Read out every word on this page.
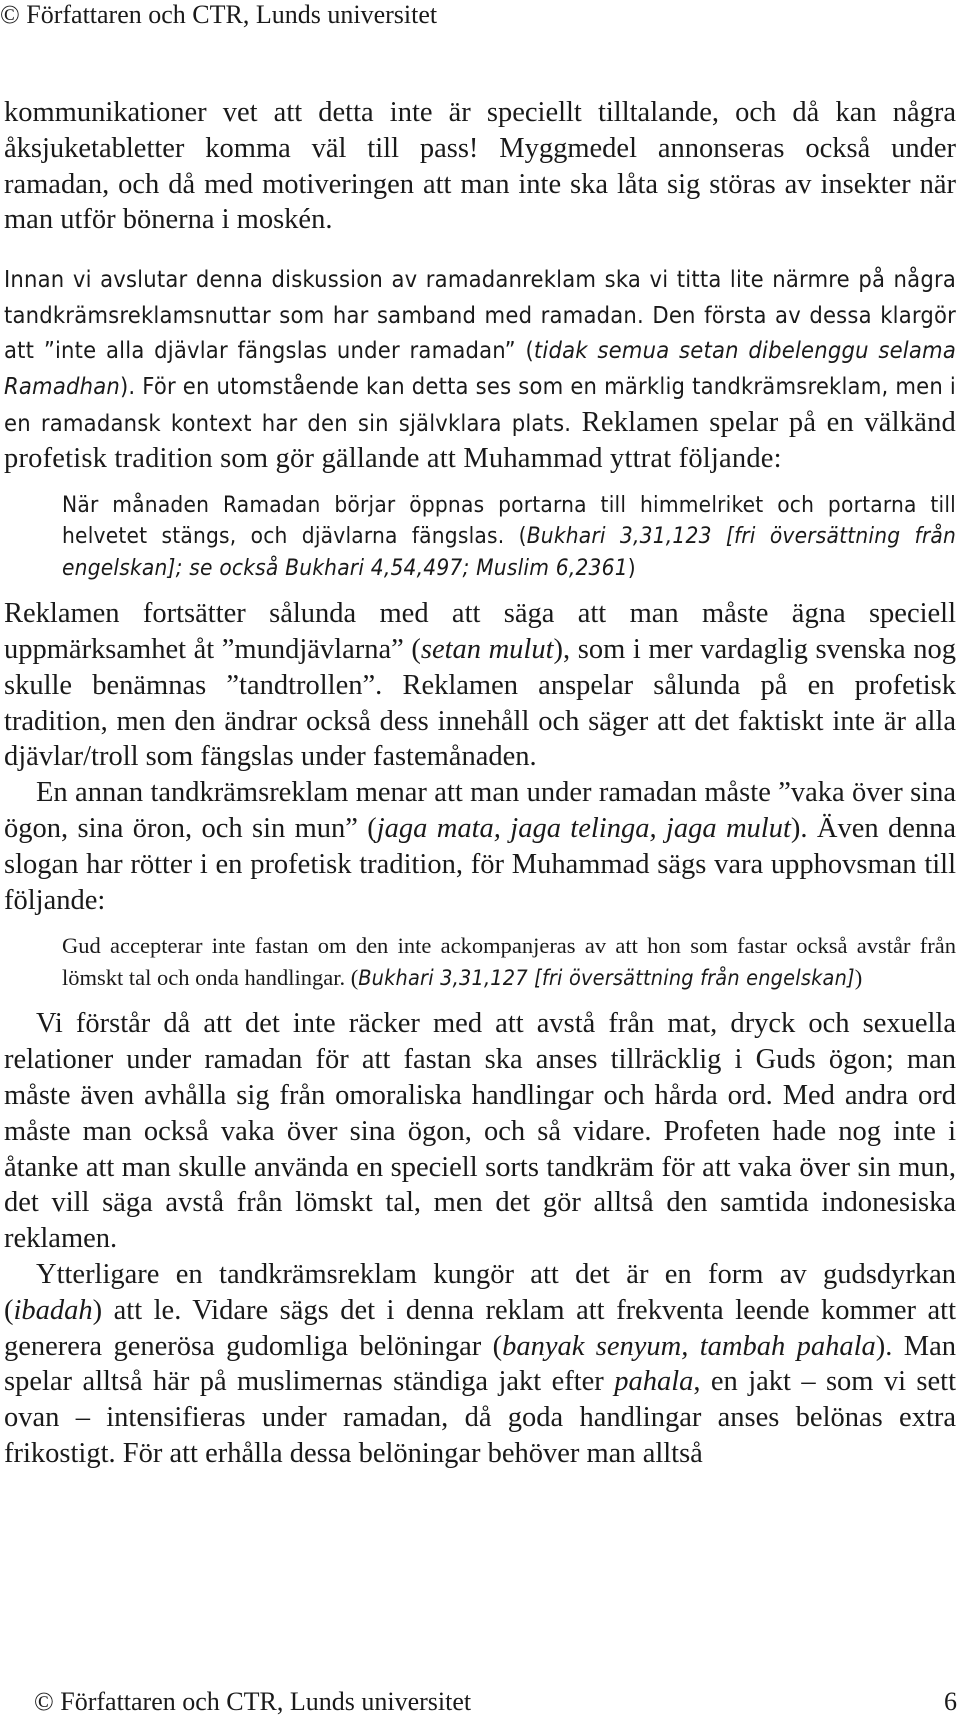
© Författaren och CTR, Lunds universitet

kommunikationer vet att detta inte är speciellt tilltalande, och då kan några åksjuketabletter komma väl till pass! Myggmedel annonseras också under ramadan, och då med motiveringen att man inte ska låta sig störas av insekter när man utför bönerna i moskén.

Innan vi avslutar denna diskussion av ramadanreklam ska vi titta lite närmre på några tandkrämsreklamsnuttar som har samband med ramadan. Den första av dessa klargör att ”inte alla djävlar fängslas under ramadan” (tidak semua setan dibelenggu selama Ramadhan). För en utomstående kan detta ses som en märklig tandkrämsreklam, men i en ramadansk kontext har den sin självklara plats. Reklamen spelar på en välkänd profetisk tradition som gör gällande att Muhammad yttrat följande:

När månaden Ramadan börjar öppnas portarna till himmelriket och portarna till helvetet stängs, och djävlarna fängslas. (Bukhari 3,31,123 [fri översättning från engelskan]; se också Bukhari 4,54,497; Muslim 6,2361)

Reklamen fortsätter sålunda med att säga att man måste ägna speciell uppmärksamhet åt ”mundjävlarna” (setan mulut), som i mer vardaglig svenska nog skulle benämnas ”tandtrollen”. Reklamen anspelar sålunda på en profetisk tradition, men den ändrar också dess innehåll och säger att det faktiskt inte är alla djävlar/troll som fängslas under fastemånaden.

En annan tandkrämsreklam menar att man under ramadan måste ”vaka över sina ögon, sina öron, och sin mun” (jaga mata, jaga telinga, jaga mulut). Även denna slogan har rötter i en profetisk tradition, för Muhammad sägs vara upphovsman till följande:

Gud accepterar inte fastan om den inte ackompanjeras av att hon som fastar också avstår från lömskt tal och onda handlingar. (Bukhari 3,31,127 [fri översättning från engelskan])

Vi förstår då att det inte räcker med att avstå från mat, dryck och sexuella relationer under ramadan för att fastan ska anses tillräcklig i Guds ögon; man måste även avhålla sig från omoraliska handlingar och hårda ord. Med andra ord måste man också vaka över sina ögon, och så vidare. Profeten hade nog inte i åtanke att man skulle använda en speciell sorts tandkräm för att vaka över sin mun, det vill säga avstå från lömskt tal, men det gör alltså den samtida indonesiska reklamen.

Ytterligare en tandkrämsreklam kungör att det är en form av gudsdyrkan (ibadah) att le. Vidare sägs det i denna reklam att frekventa leende kommer att generera generösa gudomliga belöningar (banyak senyum, tambah pahala). Man spelar alltså här på muslimernas ständiga jakt efter pahala, en jakt – som vi sett ovan – intensifieras under ramadan, då goda handlingar anses belönas extra frikostigt. För att erhålla dessa belöningar behöver man alltså

© Författaren och CTR, Lunds universitet	6
